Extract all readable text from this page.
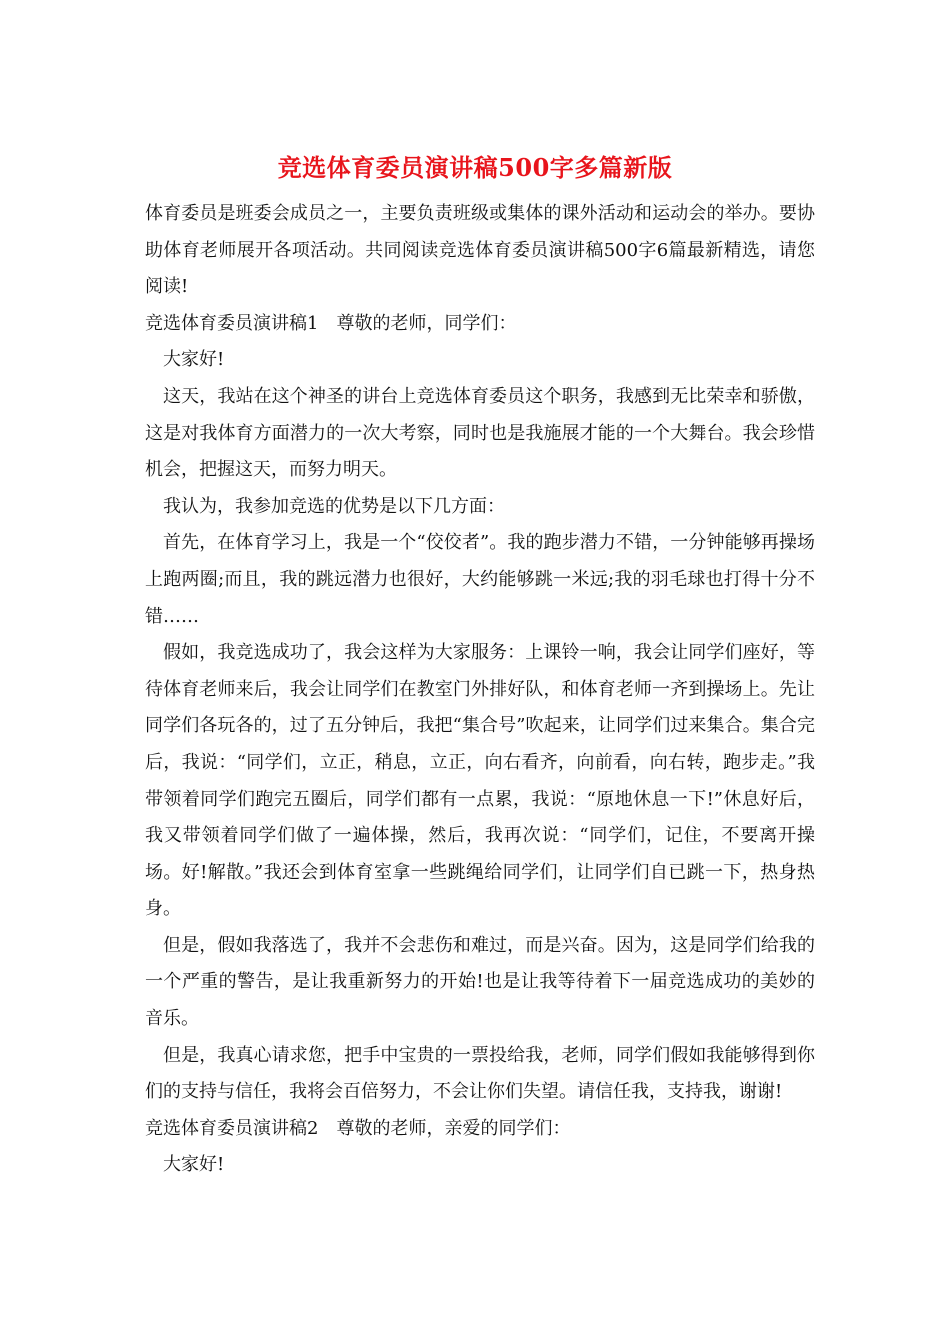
竞选体育委员演讲稿500字多篇新版

体育委员是班委会成员之一，主要负责班级或集体的课外活动和运动会的举办。要协助体育老师展开各项活动。共同阅读竞选体育委员演讲稿500字6篇最新精选，请您阅读!

竞选体育委员演讲稿1　尊敬的老师，同学们：

大家好!

这天，我站在这个神圣的讲台上竞选体育委员这个职务，我感到无比荣幸和骄傲，这是对我体育方面潜力的一次大考察，同时也是我施展才能的一个大舞台。我会珍惜机会，把握这天，而努力明天。

我认为，我参加竞选的优势是以下几方面：

首先，在体育学习上，我是一个“佼佼者”。我的跑步潜力不错，一分钟能够再操场上跑两圈;而且，我的跳远潜力也很好，大约能够跳一米远;我的羽毛球也打得十分不错……

假如，我竞选成功了，我会这样为大家服务：上课铃一响，我会让同学们座好，等待体育老师来后，我会让同学们在教室门外排好队，和体育老师一齐到操场上。先让同学们各玩各的，过了五分钟后，我把“集合号”吹起来，让同学们过来集合。集合完后，我说：“同学们，立正，稍息，立正，向右看齐，向前看，向右转，跑步走。”我带领着同学们跑完五圈后，同学们都有一点累，我说：“原地休息一下!”休息好后，我又带领着同学们做了一遍体操，然后，我再次说：“同学们，记住，不要离开操场。好!解散。”我还会到体育室拿一些跳绳给同学们，让同学们自已跳一下，热身热身。

但是，假如我落选了，我并不会悲伤和难过，而是兴奋。因为，这是同学们给我的一个严重的警告，是让我重新努力的开始!也是让我等待着下一届竞选成功的美妙的音乐。

但是，我真心请求您，把手中宝贵的一票投给我，老师，同学们假如我能够得到你们的支持与信任，我将会百倍努力，不会让你们失望。请信任我，支持我，谢谢!

竞选体育委员演讲稿2　尊敬的老师，亲爱的同学们：

大家好!
